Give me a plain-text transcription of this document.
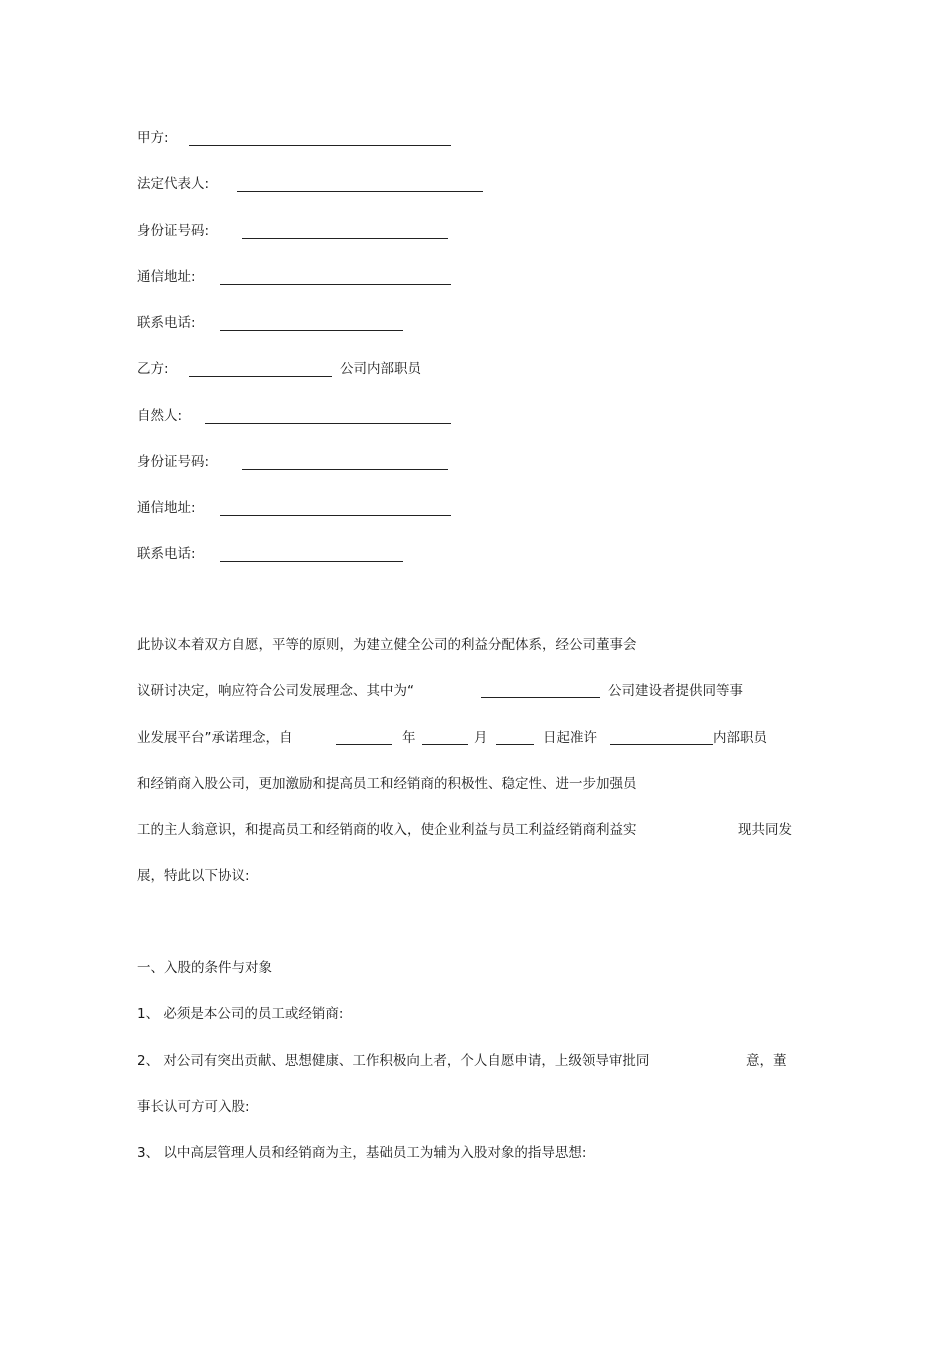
甲方:
法定代表人:
身份证号码:
通信地址:
联系电话:
乙方:	公司内部职员
自然人:
身份证号码:
通信地址:
联系电话:
此协议本着双方自愿，平等的原则，为建立健全公司的利益分配体系，经公司董事会
议研讨决定，响应符合公司发展理念、其中为“	公司建设者提供同等事
业发展平台”承诺理念，自	年	月	日起准许	内部职员
和经销商入股公司，更加激励和提高员工和经销商的积极性、稳定性、进一步加强员
工的主人翁意识，和提高员工和经销商的收入，使企业利益与员工利益经销商利益实	现共同发
展，特此以下协议:
一、入股的条件与对象
1、 必须是本公司的员工或经销商:
2、 对公司有突出贡献、思想健康、工作积极向上者，个人自愿申请，上级领导审批同	意，董
事长认可方可入股:
3、 以中高层管理人员和经销商为主，基础员工为辅为入股对象的指导思想:
